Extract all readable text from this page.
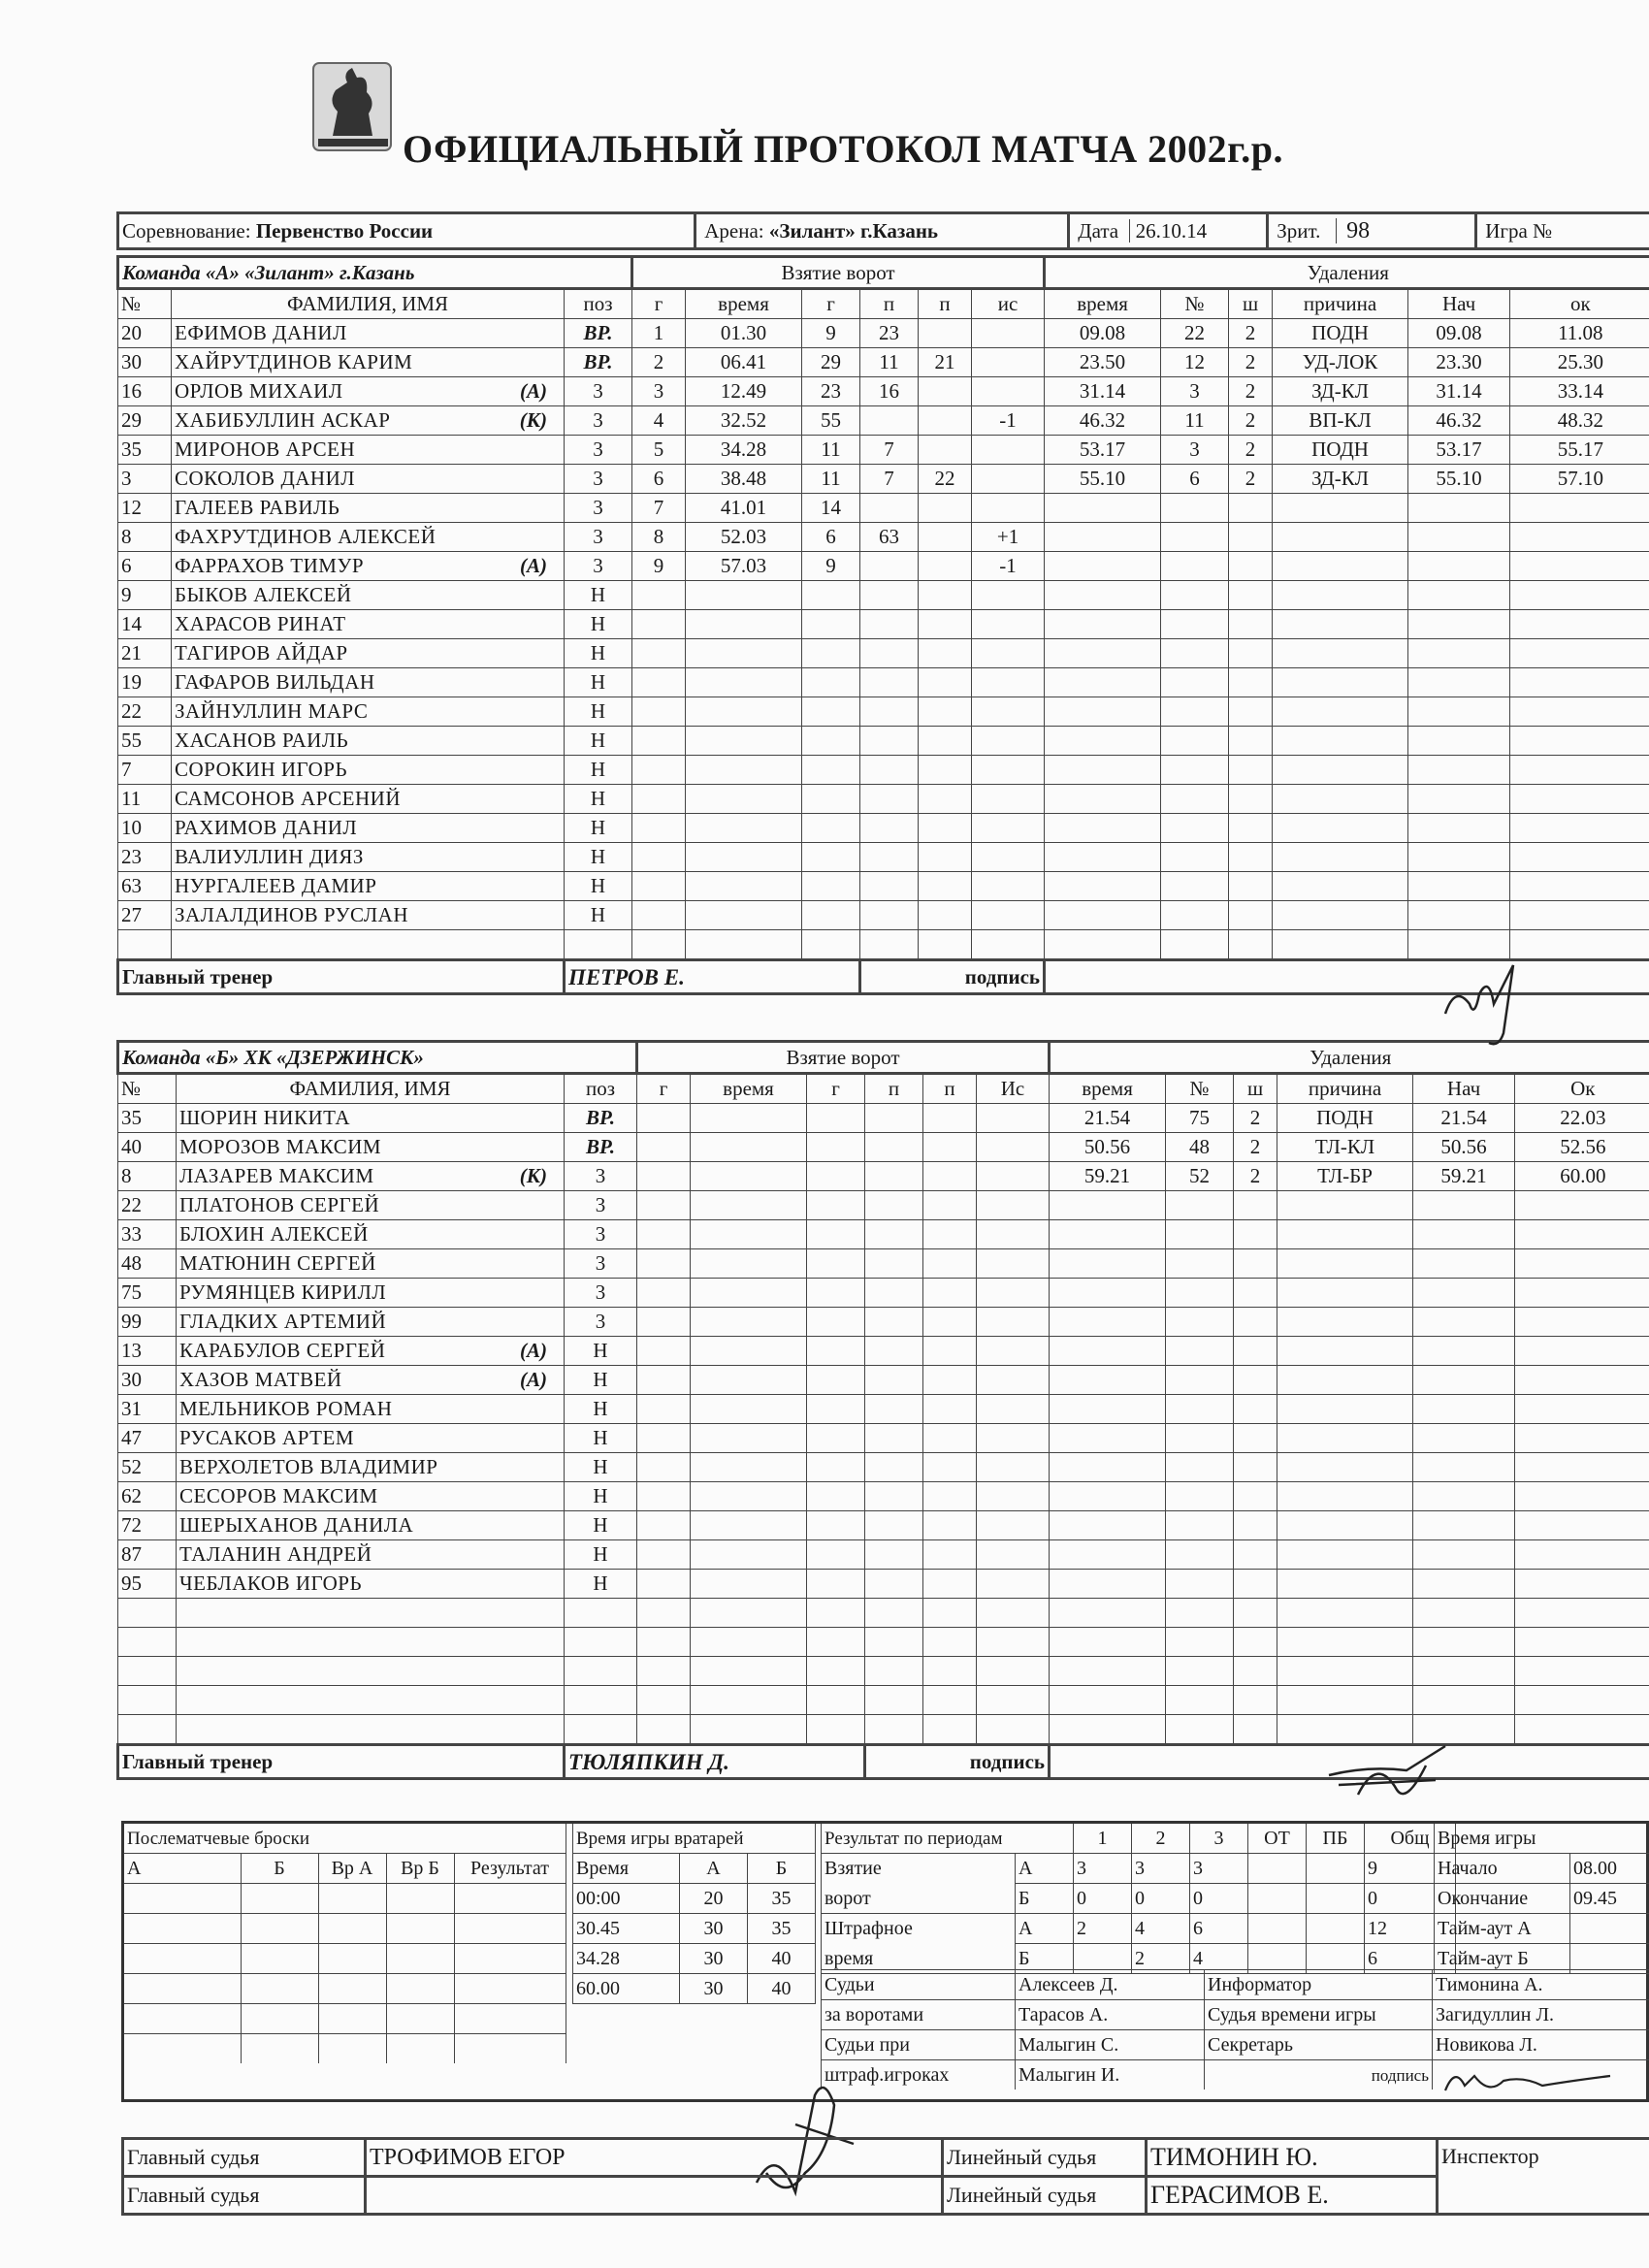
ОФИЦИАЛЬНЫЙ ПРОТОКОЛ МАТЧА 2002г.р.
Соревнование: Первенство России	Арена: «Зилант» г.Казань	Дата 26.10.14	Зрит. 98	Игра №
Команда «А» «Зилант» г.Казань			Взятие ворот						Удаления					
№	ФАМИЛИЯ, ИМЯ	поз	г	время	г	п	п	ис	время	№	ш	причина	Нач	ок
20	ЕФИМОВ ДАНИЛ	ВР.	1	01.30	9	23			09.08	22	2	ПОДН	09.08	11.08
30	ХАЙРУТДИНОВ КАРИМ	ВР.	2	06.41	29	11	21		23.50	12	2	УД-ЛОК	23.30	25.30
16	ОРЛОВ МИХАИЛ (А)	3	3	12.49	23	16			31.14	3	2	ЗД-КЛ	31.14	33.14
29	ХАБИБУЛЛИН АСКАР (К)	3	4	32.52	55			-1	46.32	11	2	ВП-КЛ	46.32	48.32
35	МИРОНОВ АРСЕН	3	5	34.28	11	7			53.17	3	2	ПОДН	53.17	55.17
3	СОКОЛОВ ДАНИЛ	3	6	38.48	11	7	22		55.10	6	2	ЗД-КЛ	55.10	57.10
12	ГАЛЕЕВ РАВИЛЬ	3	7	41.01	14									
8	ФАХРУТДИНОВ АЛЕКСЕЙ	3	8	52.03	6	63		+1						
6	ФАРРАХОВ ТИМУР (А)	3	9	57.03	9			-1						
9	БЫКОВ АЛЕКСЕЙ	Н												
14	ХАРАСОВ РИНАТ	Н												
21	ТАГИРОВ АЙДАР	Н												
19	ГАФАРОВ ВИЛЬДАН	Н												
22	ЗАЙНУЛЛИН МАРС	Н												
55	ХАСАНОВ РАИЛЬ	Н												
7	СОРОКИН ИГОРЬ	Н												
11	САМСОНОВ АРСЕНИЙ	Н												
10	РАХИМОВ ДАНИЛ	Н												
23	ВАЛИУЛЛИН ДИЯЗ	Н												
63	НУРГАЛЕЕВ ДАМИР	Н												
27	ЗАЛАЛДИНОВ РУСЛАН	Н												

Главный тренер		ПЕТРОВ Е.				подпись								
Команда «Б» ХК «ДЗЕРЖИНСК»			Взятие ворот						Удаления					
№	ФАМИЛИЯ, ИМЯ	поз	г	время	г	п	п	Ис	время	№	ш	причина	Нач	Ок
35	ШОРИН НИКИТА	ВР.							21.54	75	2	ПОДН	21.54	22.03
40	МОРОЗОВ МАКСИМ	ВР.							50.56	48	2	ТЛ-КЛ	50.56	52.56
8	ЛАЗАРЕВ МАКСИМ (К)	3							59.21	52	2	ТЛ-БР	59.21	60.00
22	ПЛАТОНОВ СЕРГЕЙ	3												
33	БЛОХИН АЛЕКСЕЙ	3												
48	МАТЮНИН СЕРГЕЙ	3												
75	РУМЯНЦЕВ КИРИЛЛ	3												
99	ГЛАДКИХ АРТЕМИЙ	3												
13	КАРАБУЛОВ СЕРГЕЙ (А)	Н												
30	ХАЗОВ МАТВЕЙ (А)	Н												
31	МЕЛЬНИКОВ РОМАН	Н												
47	РУСАКОВ АРТЕМ	Н												
52	ВЕРХОЛЕТОВ ВЛАДИМИР	Н												
62	СЕСОРОВ МАКСИМ	Н												
72	ШЕРЫХАНОВ ДАНИЛА	Н												
87	ТАЛАНИН АНДРЕЙ	Н												
95	ЧЕБЛАКОВ ИГОРЬ	Н												

Главный тренер		ТЮЛЯПКИН Д.				подпись								
Послематчевые броски				
А	Б	Вр А	Вр Б	Результат

Время игры вратарей		
Время	А	Б
00:00	20	35
30.45	30	35
34.28	30	40
60.00	30	40
Результат по периодам		1	2	3	ОТ	ПБ	Общ
Взятие	А	3	3	3			9
ворот	Б	0	0	0			0
Штрафное	А	2	4	6			12
время	Б		2	4			6
Время игры	
Начало	08.00
Окончание	09.45
Тайм-аут А	
Тайм-аут Б	
Судьи	Алексеев Д.	Информатор	Тимонина А.
за воротами	Тарасов А.	Судья времени игры	Загидуллин Л.
Судьи при	Малыгин С.	Секретарь	Новикова Л.
штраф.игроках	Малыгин И.	подпись	
Главный судья	ТРОФИМОВ ЕГОР	Линейный судья	ТИМОНИН Ю.	Инспектор
Главный судья		Линейный судья	ГЕРАСИМОВ Е.	
